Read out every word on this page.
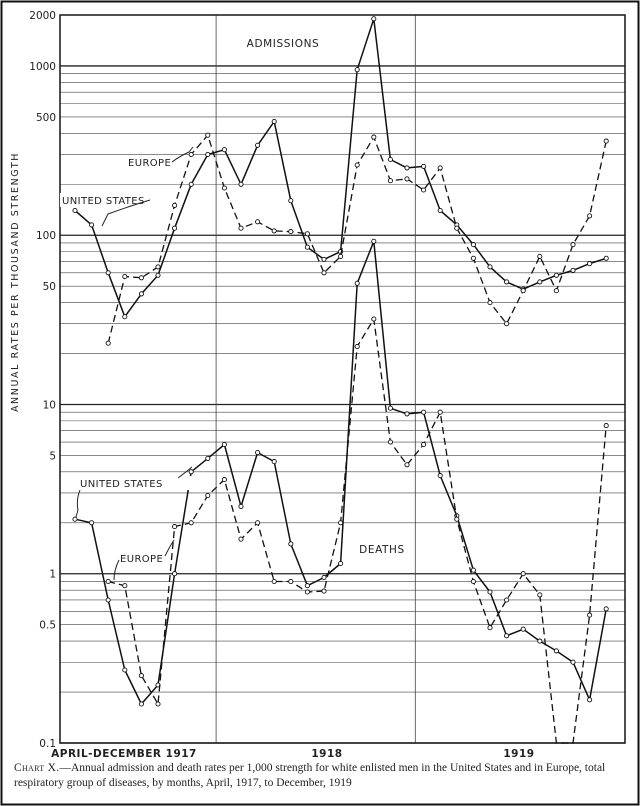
2000
1000
500
100
50
10
5
1
0.5
0.1
APRIL-DECEMBER 1917	1918	1919
ANNUAL RATES PER THOUSAND STRENGTH
ADMISSIONS
DEATHS
EUROPE
UNITED STATES
UNITED STATES
EUROPE
Chart X.—Annual admission and death rates per 1,000 strength for white enlisted men in the United States and in Europe, total respiratory group of diseases, by months, April, 1917, to December, 1919
